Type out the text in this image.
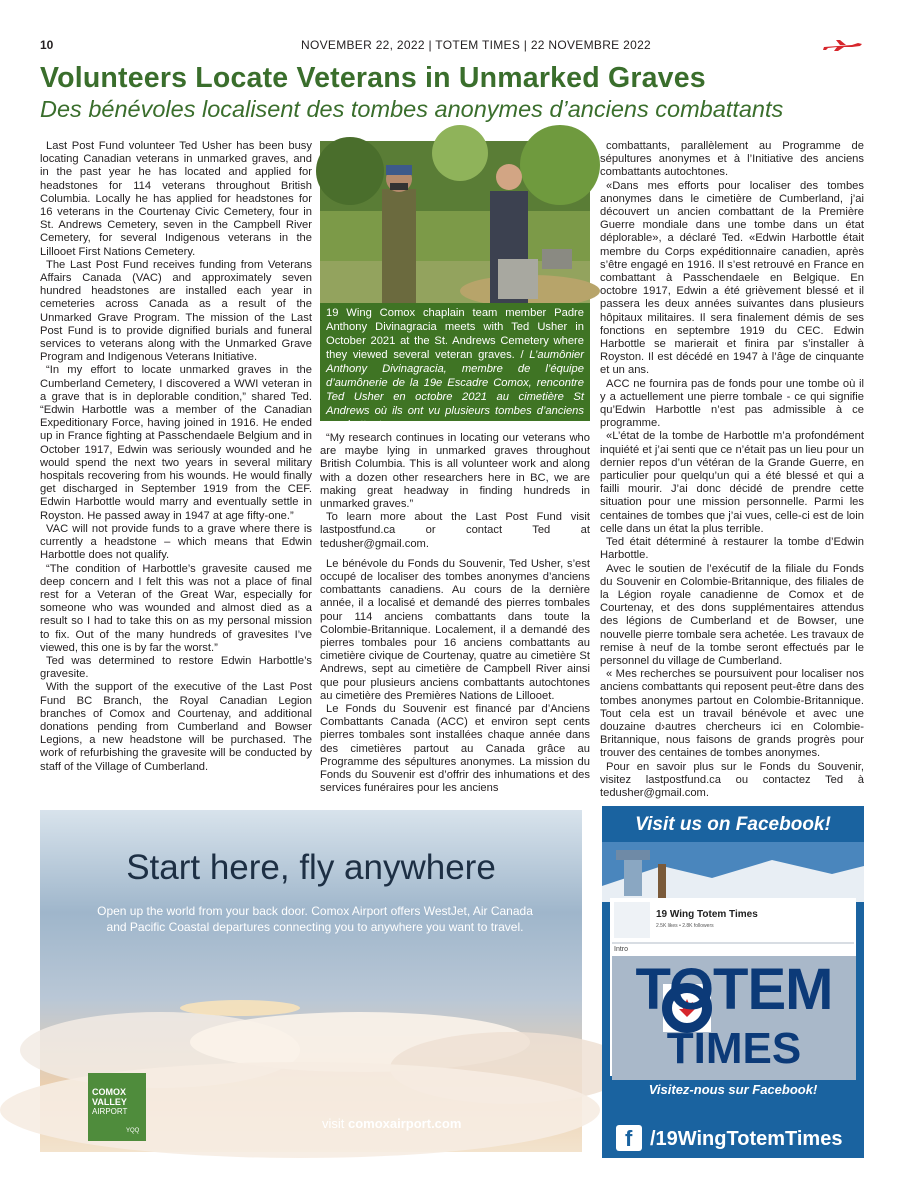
10	NOVEMBER 22, 2022 | TOTEM TIMES | 22 NOVEMBRE 2022
Volunteers Locate Veterans in Unmarked Graves
Des bénévoles localisent des tombes anonymes d’anciens combattants

Last Post Fund volunteer Ted Usher has been busy locating Canadian veterans in unmarked graves, and in the past year he has located and applied for headstones for 114 veterans throughout British Columbia. Locally he has applied for headstones for 16 veterans in the Courtenay Civic Cemetery, four in St. Andrews Cemetery, seven in the Campbell River Cemetery, for several Indigenous veterans in the Lillooet First Nations Cemetery.

The Last Post Fund receives funding from Veterans Affairs Canada (VAC) and approximately seven hundred headstones are installed each year in cemeteries across Canada as a result of the Unmarked Grave Program. The mission of the Last Post Fund is to provide dignified burials and funeral services to veterans along with the Unmarked Grave Program and Indigenous Veterans Initiative.

“In my effort to locate unmarked graves in the Cumberland Cemetery, I discovered a WWI veteran in a grave that is in deplorable condition,” shared Ted. “Edwin Harbottle was a member of the Canadian Expeditionary Force, having joined in 1916. He ended up in France fighting at Passchendaele Belgium and in October 1917, Edwin was seriously wounded and he would spend the next two years in several military hospitals recovering from his wounds. He would finally get discharged in September 1919 from the CEF. Edwin Harbottle would marry and eventually settle in Royston. He passed away in 1947 at age fifty-one.”

VAC will not provide funds to a grave where there is currently a headstone – which means that Edwin Harbottle does not qualify.

“The condition of Harbottle’s gravesite caused me deep concern and I felt this was not a place of final rest for a Veteran of the Great War, especially for someone who was wounded and almost died as a result so I had to take this on as my personal mission to fix. Out of the many hundreds of gravesites I’ve viewed, this one is by far the worst.”

Ted was determined to restore Edwin Harbottle’s gravesite.

With the support of the executive of the Last Post Fund BC Branch, the Royal Canadian Legion branches of Comox and Courtenay, and additional donations pending from Cumberland and Bowser Legions, a new headstone will be purchased. The work of refurbishing the gravesite will be conducted by staff of the Village of Cumberland.

19 Wing Comox chaplain team member Padre Anthony Divinagracia meets with Ted Usher in October 2021 at the St. Andrews Cemetery where they viewed several veteran graves. / L’aumônier Anthony Divinagracia, membre de l’équipe d’aumônerie de la 19e Escadre Comox, rencontre Ted Usher en octobre 2021 au cimetière St Andrews où ils ont vu plusieurs tombes d’anciens combattants.

“My research continues in locating our veterans who are maybe lying in unmarked graves throughout British Columbia. This is all volunteer work and along with a dozen other researchers here in BC, we are making great headway in finding hundreds in unmarked graves.”

To learn more about the Last Post Fund visit lastpostfund.ca or contact Ted at tedusher@gmail.com.

Le bénévole du Fonds du Souvenir, Ted Usher, s’est occupé de localiser des tombes anonymes d’anciens combattants canadiens. Au cours de la dernière année, il a localisé et demandé des pierres tombales pour 114 anciens combattants dans toute la Colombie-Britannique. Localement, il a demandé des pierres tombales pour 16 anciens combattants au cimetière civique de Courtenay, quatre au cimetière St Andrews, sept au cimetière de Campbell River ainsi que pour plusieurs anciens combattants autochtones au cimetière des Premières Nations de Lillooet.

Le Fonds du Souvenir est financé par d’Anciens Combattants Canada (ACC) et environ sept cents pierres tombales sont installées chaque année dans des cimetières partout au Canada grâce au Programme des sépultures anonymes. La mission du Fonds du Souvenir est d’offrir des inhumations et des services funéraires pour les anciens

combattants, parallèlement au Programme de sépultures anonymes et à l’Initiative des anciens combattants autochtones.

«Dans mes efforts pour localiser des tombes anonymes dans le cimetière de Cumberland, j’ai découvert un ancien combattant de la Première Guerre mondiale dans une tombe dans un état déplorable», a déclaré Ted. «Edwin Harbottle était membre du Corps expéditionnaire canadien, après s’être engagé en 1916. Il s’est retrouvé en France en combattant à Passchendaele en Belgique. En octobre 1917, Edwin a été grièvement blessé et il passera les deux années suivantes dans plusieurs hôpitaux militaires. Il sera finalement démis de ses fonctions en septembre 1919 du CEC. Edwin Harbottle se marierait et finira par s’installer à Royston. Il est décédé en 1947 à l’âge de cinquante et un ans.

ACC ne fournira pas de fonds pour une tombe où il y a actuellement une pierre tombale - ce qui signifie qu’Edwin Harbottle n’est pas admissible à ce programme.

«L’état de la tombe de Harbottle m’a profondément inquiété et j’ai senti que ce n’était pas un lieu pour un dernier repos d’un vétéran de la Grande Guerre, en particulier pour quelqu’un qui a été blessé et qui a failli mourir. J’ai donc décidé de prendre cette situation pour une mission personnelle. Parmi les centaines de tombes que j’ai vues, celle-ci est de loin celle dans un état la plus terrible.

Ted était déterminé à restaurer la tombe d’Edwin Harbottle.

Avec le soutien de l’exécutif de la filiale du Fonds du Souvenir en Colombie-Britannique, des filiales de la Légion royale canadienne de Comox et de Courtenay, et des dons supplémentaires attendus des légions de Cumberland et de Bowser, une nouvelle pierre tombale sera achetée. Les travaux de remise à neuf de la tombe seront effectués par le personnel du village de Cumberland.

« Mes recherches se poursuivent pour localiser nos anciens combattants qui reposent peut-être dans des tombes anonymes partout en Colombie-Britannique. Tout cela est un travail bénévole et avec une douzaine d›autres chercheurs ici en Colombie-Britannique, nous faisons de grands progrès pour trouver des centaines de tombes anonymes.

Pour en savoir plus sur le Fonds du Souvenir, visitez lastpostfund.ca ou contactez Ted à tedusher@gmail.com.

Start here, fly anywhere
Open up the world from your back door. Comox Airport offers WestJet, Air Canada and Pacific Coastal departures connecting you to anywhere you want to travel.
COMOX VALLEY
AIRPORT
YQQ	visit comoxairport.com
Visit us on Facebook!
19 Wing Totem Times
2.5K likes • 2.8K followers
Intro
TOTEM
TIMES
Visitez-nous sur Facebook!
f /19WingTotemTimes
